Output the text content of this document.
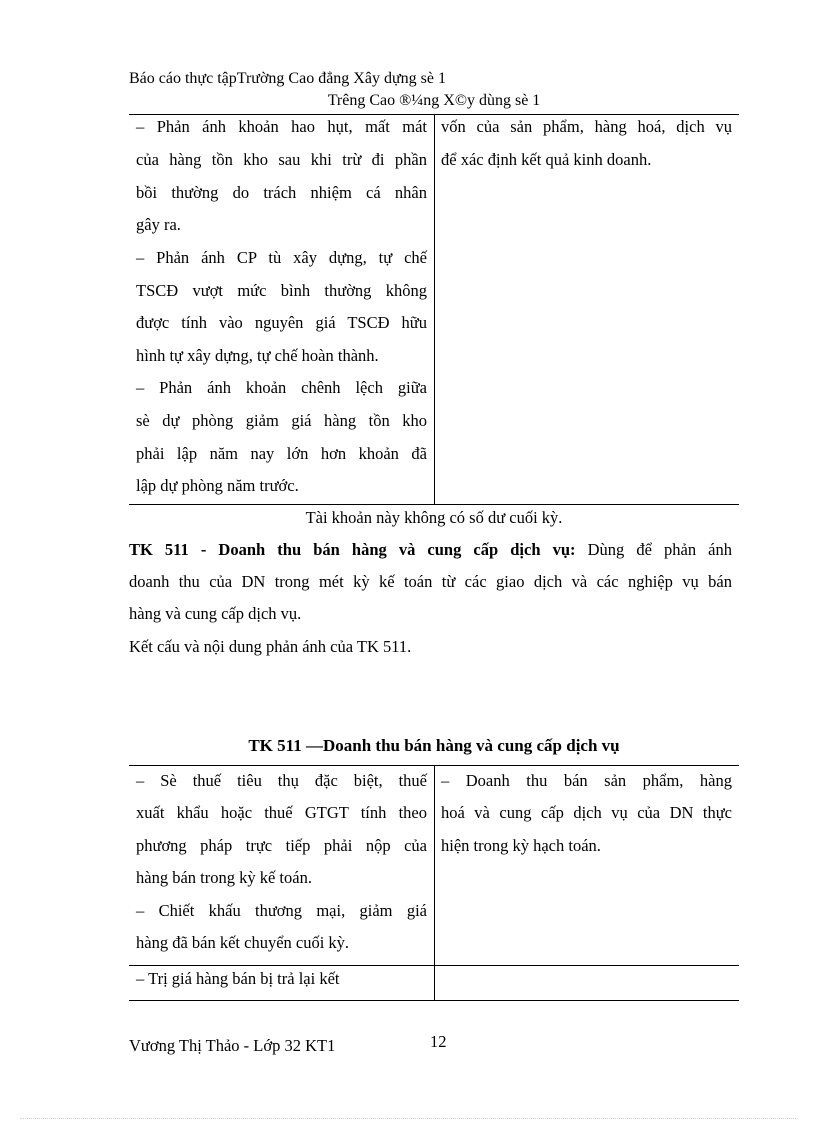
Báo cáo thực tậpTrường Cao đẳng Xây dựng sè 1
Trêng Cao ®¼ng X©y dùng sè 1
– Phản ánh khoản hao hụt, mất mát
của hàng tồn kho sau khi trừ đi phần
bồi thường do trách nhiệm cá nhân
gây ra.
– Phản ánh CP tù xây dựng, tự chế
TSCĐ vượt mức bình thường không
được tính vào nguyên giá TSCĐ hữu
hình tự xây dựng, tự chế hoàn thành.
– Phản ánh khoản chênh lệch giữa
sè dự phòng giảm giá hàng tồn kho
phải lập năm nay lớn hơn khoản đã
lập dự phòng năm trước.
vốn của sản phẩm, hàng hoá, dịch vụ
để xác định kết quả kinh doanh.
Tài khoản này không có số dư cuối kỳ.
TK 511 - Doanh thu bán hàng và cung cấp dịch vụ: Dùng để phản ánh
doanh thu của DN trong mét kỳ kế toán từ các giao dịch và các nghiệp vụ bán
hàng và cung cấp dịch vụ.
Kết cấu và nội dung phản ánh của TK 511.
TK 511 —Doanh thu bán hàng và cung cấp dịch vụ
– Sè thuế tiêu thụ đặc biệt, thuế
xuất khẩu hoặc thuế GTGT tính theo
phương pháp trực tiếp phải nộp của
hàng bán trong kỳ kế toán.
– Chiết khấu thương mại, giảm giá
hàng đã bán kết chuyển cuối kỳ.
– Doanh thu bán sản phẩm, hàng
hoá và cung cấp dịch vụ của DN thực
hiện trong kỳ hạch toán.
– Trị giá hàng bán bị trả lại kết
Vương Thị Thảo - Lớp 32 KT1	12
